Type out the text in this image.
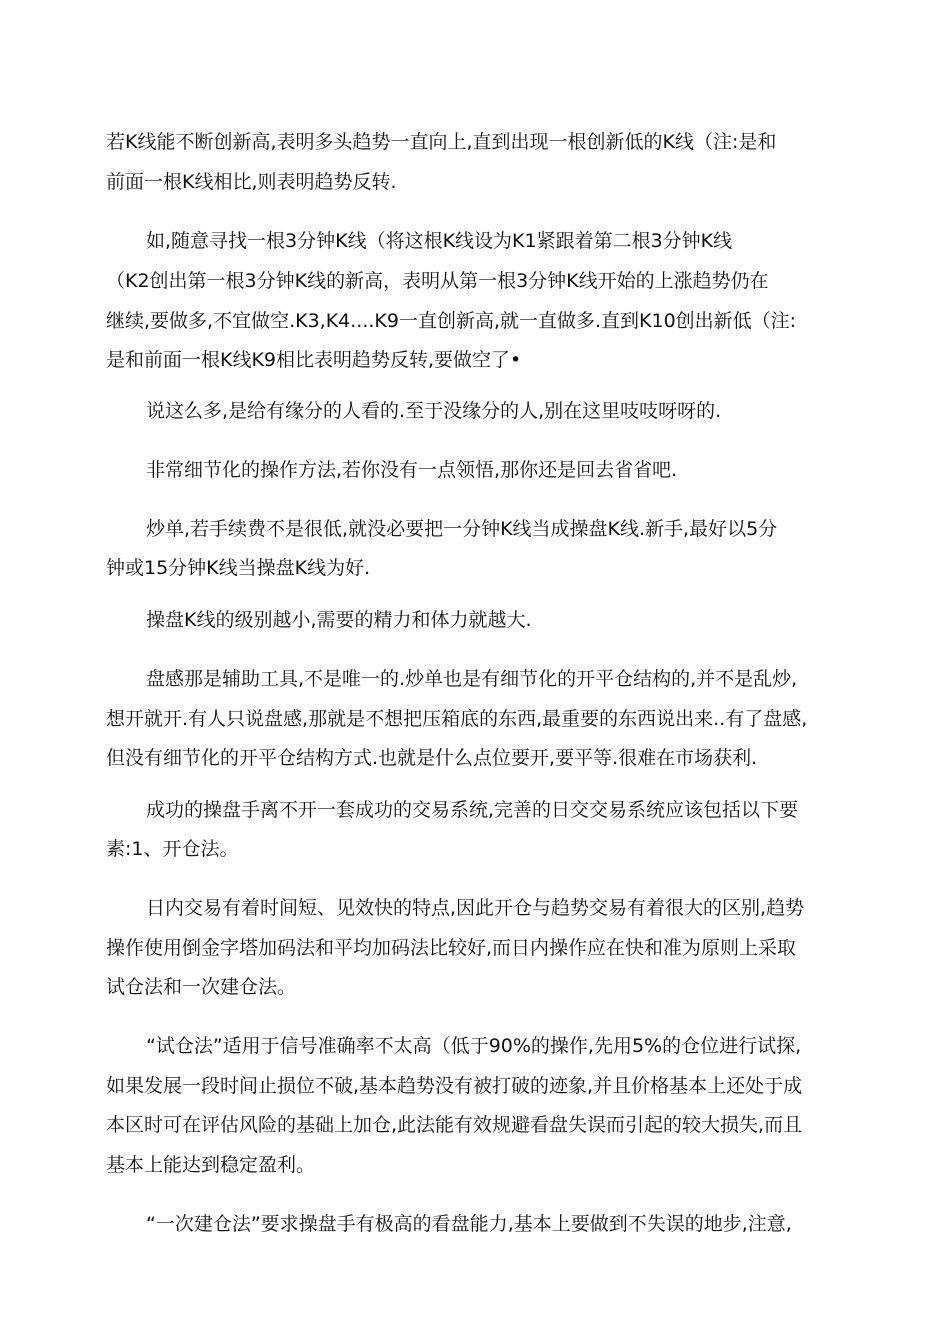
若K线能不断创新高,表明多头趋势一直向上,直到出现一根创新低的K线（注:是和

前面一根K线相比,则表明趋势反转.

如,随意寻找一根3分钟K线（将这根K线设为K1紧跟着第二根3分钟K线

（K2创出第一根3分钟K线的新高，表明从第一根3分钟K线开始的上涨趋势仍在

继续,要做多,不宜做空.K3,K4....K9一直创新高,就一直做多.直到K10创出新低（注:

是和前面一根K线K9相比表明趋势反转,要做空了•

说这么多,是给有缘分的人看的.至于没缘分的人,别在这里吱吱呀呀的.

非常细节化的操作方法,若你没有一点领悟,那你还是回去省省吧.

炒单,若手续费不是很低,就没必要把一分钟K线当成操盘K线.新手,最好以5分

钟或15分钟K线当操盘K线为好.

操盘K线的级别越小,需要的精力和体力就越大.

盘感那是辅助工具,不是唯一的.炒单也是有细节化的开平仓结构的,并不是乱炒,

想开就开.有人只说盘感,那就是不想把压箱底的东西,最重要的东西说出来..有了盘感,

但没有细节化的开平仓结构方式.也就是什么点位要开,要平等.很难在市场获利.

成功的操盘手离不开一套成功的交易系统,完善的日交交易系统应该包括以下要

素:1、开仓法。

日内交易有着时间短、见效快的特点,因此开仓与趋势交易有着很大的区别,趋势

操作使用倒金字塔加码法和平均加码法比较好,而日内操作应在快和准为原则上采取

试仓法和一次建仓法。

“试仓法”适用于信号准确率不太高（低于90%的操作,先用5%的仓位进行试探,

如果发展一段时间止损位不破,基本趋势没有被打破的迹象,并且价格基本上还处于成

本区时可在评估风险的基础上加仓,此法能有效规避看盘失误而引起的较大损失,而且

基本上能达到稳定盈利。

“一次建仓法”要求操盘手有极高的看盘能力,基本上要做到不失误的地步,注意,
